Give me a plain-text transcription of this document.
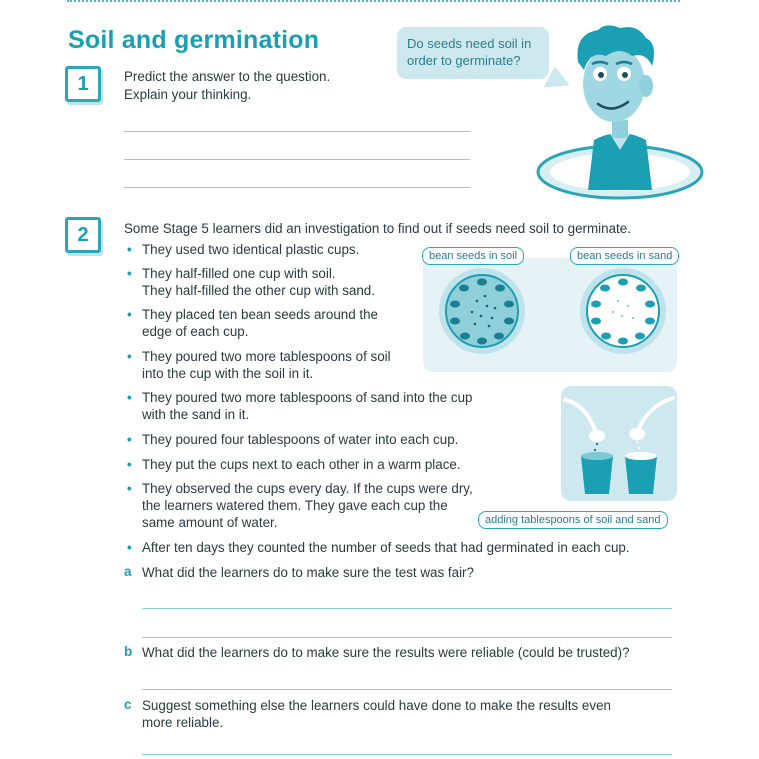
Soil and germination	Do seeds need soil in order to germinate?
1	Predict the answer to the question.
Explain your thinking.
2	Some Stage 5 learners did an investigation to find out if seeds need soil to germinate.
• They used two identical plastic cups.
• They half-filled one cup with soil.
They half-filled the other cup with sand.
• They placed ten bean seeds around the
edge of each cup.
• They poured two more tablespoons of soil
into the cup with the soil in it.
• They poured two more tablespoons of sand into the cup
with the sand in it.
• They poured four tablespoons of water into each cup.
• They put the cups next to each other in a warm place.
• They observed the cups every day. If the cups were dry,
the learners watered them. They gave each cup the
same amount of water.
• After ten days they counted the number of seeds that had germinated in each cup.
bean seeds in soil	bean seeds in sand
adding tablespoons of soil and sand
a What did the learners do to make sure the test was fair?
b What did the learners do to make sure the results were reliable (could be trusted)?
c Suggest something else the learners could have done to make the results even
more reliable.
